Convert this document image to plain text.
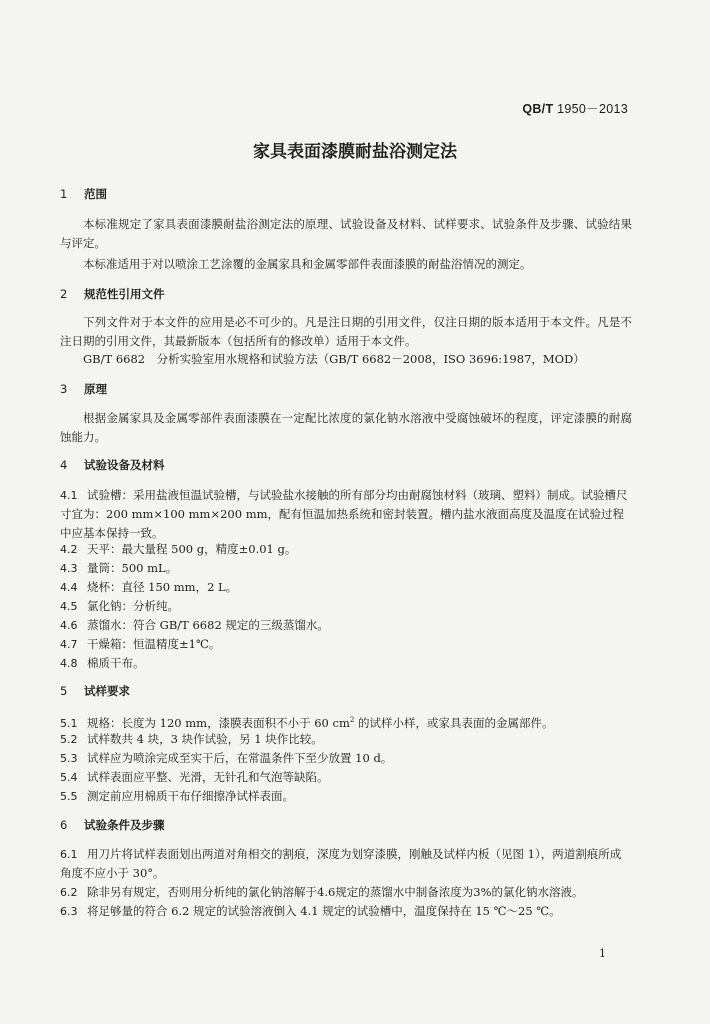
QB/T 1950－2013
家具表面漆膜耐盐浴测定法
1 范围
本标准规定了家具表面漆膜耐盐浴测定法的原理、试验设备及材料、试样要求、试验条件及步骤、试验结果与评定。
本标准适用于对以喷涂工艺涂覆的金属家具和金属零部件表面漆膜的耐盐浴情况的测定。
2 规范性引用文件
下列文件对于本文件的应用是必不可少的。凡是注日期的引用文件，仅注日期的版本适用于本文件。凡是不注日期的引用文件，其最新版本（包括所有的修改单）适用于本文件。
GB/T 6682　分析实验室用水规格和试验方法（GB/T 6682－2008，ISO 3696:1987，MOD）
3 原理
根据金属家具及金属零部件表面漆膜在一定配比浓度的氯化钠水溶液中受腐蚀破坏的程度，评定漆膜的耐腐蚀能力。
4 试验设备及材料
4.1 试验槽：采用盐液恒温试验槽，与试验盐水接触的所有部分均由耐腐蚀材料（玻璃、塑料）制成。试验槽尺寸宜为：200 mm×100 mm×200 mm，配有恒温加热系统和密封装置。槽内盐水液面高度及温度在试验过程中应基本保持一致。
4.2 天平：最大量程 500 g，精度±0.01 g。
4.3 量筒：500 mL。
4.4 烧杯：直径 150 mm，2 L。
4.5 氯化钠：分析纯。
4.6 蒸馏水：符合 GB/T 6682 规定的三级蒸馏水。
4.7 干燥箱：恒温精度±1℃。
4.8 棉质干布。
5 试样要求
5.1 规格：长度为 120 mm，漆膜表面积不小于 60 $cm^2$ 的试样小样，或家具表面的金属部件。
5.2 试样数共 4 块，3 块作试验，另 1 块作比较。
5.3 试样应为喷涂完成至实干后，在常温条件下至少放置 10 d。
5.4 试样表面应平整、光滑，无针孔和气泡等缺陷。
5.5 测定前应用棉质干布仔细擦净试样表面。
6 试验条件及步骤
6.1 用刀片将试样表面划出两道对角相交的割痕，深度为划穿漆膜，刚触及试样内板（见图 1），两道割痕所成角度不应小于 30°。
6.2 除非另有规定，否则用分析纯的氯化钠溶解于4.6规定的蒸馏水中制备浓度为3%的氯化钠水溶液。
6.3 将足够量的符合 6.2 规定的试验溶液倒入 4.1 规定的试验槽中，温度保持在 15 ℃～25 ℃。
1
